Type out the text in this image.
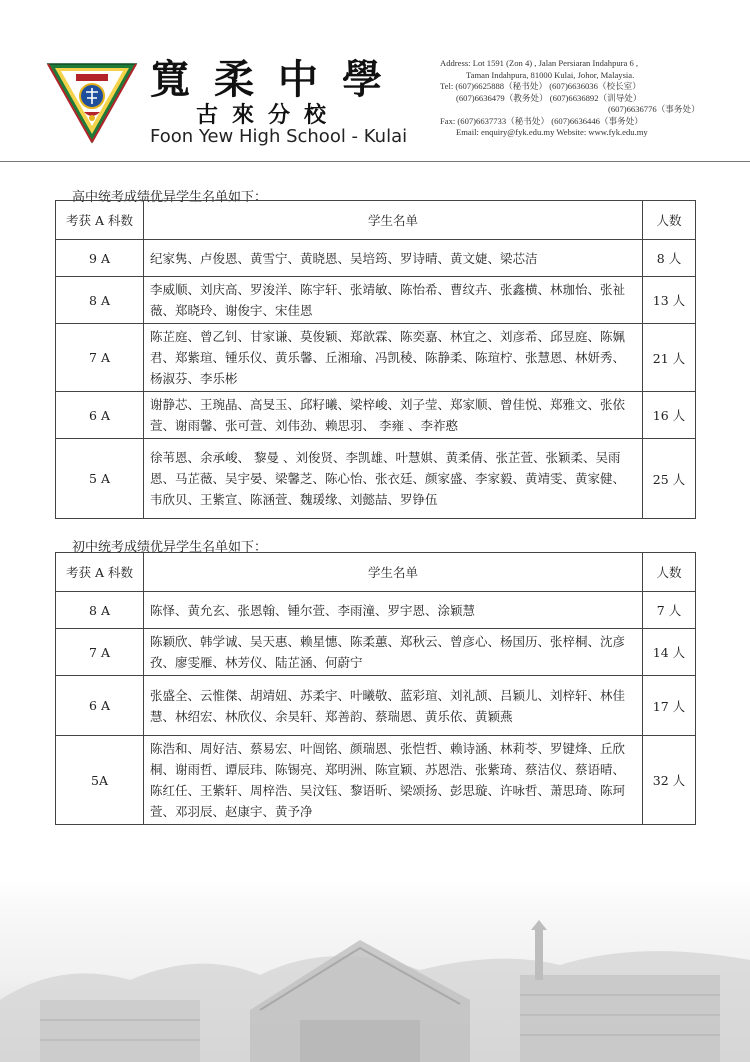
寬柔中學
古來分校
Foon Yew High School - Kulai
Address: Lot 1591 (Zon 4) , Jalan Persiaran Indahpura 6 ,
Taman Indahpura, 81000 Kulai, Johor, Malaysia.
Tel: (607)6625888（秘书处） (607)6636036（校长室）
(607)6636479（教务处） (607)6636892（训导处）
(607)6636776（事务处）
Fax: (607)6637733（秘书处） (607)6636446（事务处）
Email: enquiry@fyk.edu.my Website: www.fyk.edu.my
高中统考成绩优异学生名单如下：
考获 A 科数	学生名单	人数
9 A	纪家隽、卢俊恩、黄雪宁、黄晓恩、吴培筠、罗诗晴、黄文婕、梁芯洁	8 人
8 A	李威顺、刘庆高、罗浚洋、陈宇轩、张靖敏、陈怡希、曹纹卉、张鑫横、林珈怡、张祉薇、郑晓玲、谢俊宇、宋佳恩	13 人
7 A	陈芷庭、曾乙钊、甘家谦、莫俊颖、郑歆霖、陈奕嘉、林宜之、刘彦希、邱昱庭、陈姵君、郑紫瑄、锺乐仪、黄乐馨、丘湘瑜、冯凯稜、陈静柔、陈瑄柠、张慧恩、林妍秀、杨淑芬、李乐彬	21 人
6 A	谢静芯、王琬晶、高旻玉、邱籽曦、梁梓峻、刘子莹、郑家顺、曾佳悦、郑雅文、张依萱、谢雨馨、张可萱、刘伟劲、赖思羽、 李雍 、李祚憨	16 人
5 A	徐苇恩、余承峻、 黎曼 、刘俊贤、李凯雄、叶慧娸、黄柔倩、张芷萱、张颖柔、吴雨恩、马芷薇、吴宇晏、梁馨芝、陈心怡、张衣廷、颜家盛、李家毅、黄靖雯、黄家健、韦欣贝、王紫宣、陈涵萱、魏瑗缘、刘懿喆、罗铮伍	25 人
初中统考成绩优异学生名单如下：
考获 A 科数	学生名单	人数
8 A	陈怿、黄允玄、张恩翰、锺尔萱、李雨潼、罗宇恩、涂颖慧	7 人
7 A	陈颖欣、韩学诚、吴天惠、赖星憓、陈柔蕙、郑秋云、曾彦心、杨国历、张梓桐、沈彦孜、廖雯雁、林芳仪、陆芷涵、何蔚宁	14 人
6 A	张盛全、云惟傑、胡靖妞、苏柔宇、叶曦敬、蓝彩瑄、刘礼颉、吕颖儿、刘梓轩、林佳慧、林绍宏、林欣仪、余昊轩、郑善韵、蔡瑞恩、黄乐依、黄颖燕	17 人
5A	陈浩和、周好洁、蔡易宏、叶闿铭、颜瑞恩、张恺哲、赖诗涵、林莉苓、罗键烽、丘欣桐、谢雨哲、谭辰玮、陈锡亮、郑明洲、陈宣颖、苏恩浩、张紫琦、蔡洁仪、蔡语晴、陈红任、王紫轩、周梓浩、吴汶钰、黎语昕、梁颂扬、彭思璇、许咏哲、萧思琦、陈珂萱、邓羽辰、赵康宇、黄予净	32 人
